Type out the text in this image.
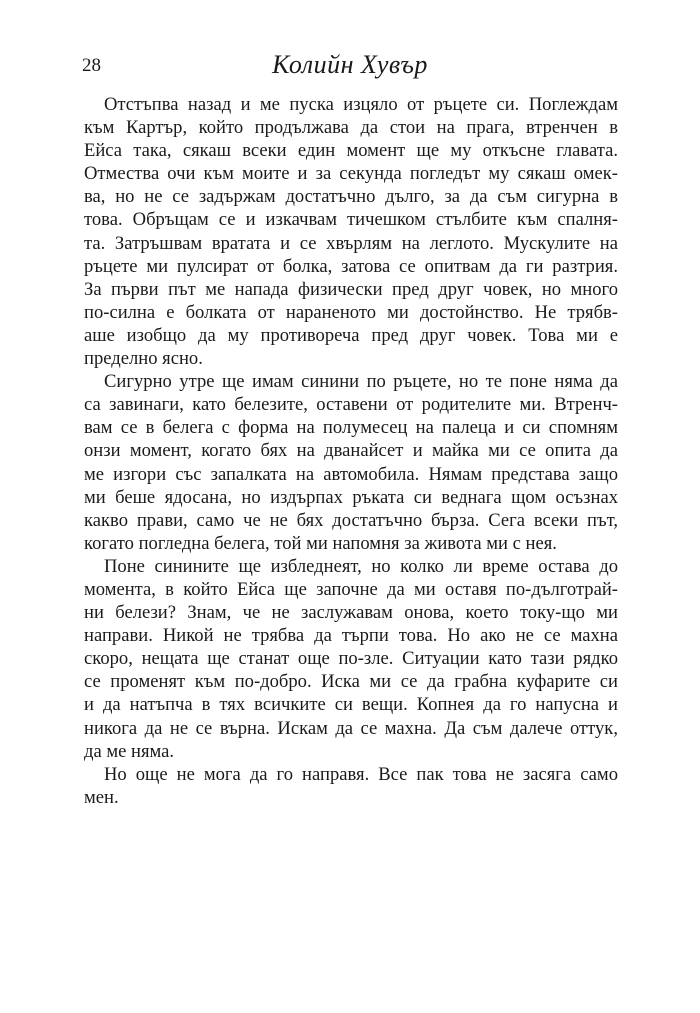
28	Колийн Хувър

Отстъпва назад и ме пуска изцяло от ръцете си. Поглеждам
към Картър, който продължава да стои на прага, втренчен в
Ейса така, сякаш всеки един момент ще му откъсне главата.
Отмества очи към моите и за секунда погледът му сякаш омек-
ва, но не се задържам достатъчно дълго, за да съм сигурна в
това. Обръщам се и изкачвам тичешком стълбите към спалня-
та. Затръшвам вратата и се хвърлям на леглото. Мускулите на
ръцете ми пулсират от болка, затова се опитвам да ги разтрия.
За първи път ме напада физически пред друг човек, но много
по-силна е болката от нараненото ми достойнство. Не трябв-
аше изобщо да му противореча пред друг човек. Това ми е
пределно ясно.

Сигурно утре ще имам синини по ръцете, но те поне няма да
са завинаги, като белезите, оставени от родителите ми. Втренч-
вам се в белега с форма на полумесец на палеца и си спомням
онзи момент, когато бях на дванайсет и майка ми се опита да
ме изгори със запалката на автомобила. Нямам представа защо
ми беше ядосана, но издърпах ръката си веднага щом осъзнах
какво прави, само че не бях достатъчно бърза. Сега всеки път,
когато погледна белега, той ми напомня за живота ми с нея.

Поне синините ще избледнеят, но колко ли време остава до
момента, в който Ейса ще започне да ми оставя по-дълготрай-
ни белези? Знам, че не заслужавам онова, което току-що ми
направи. Никой не трябва да търпи това. Но ако не се махна
скоро, нещата ще станат още по-зле. Ситуации като тази рядко
се променят към по-добро. Иска ми се да грабна куфарите си
и да натъпча в тях всичките си вещи. Копнея да го напусна и
никога да не се върна. Искам да се махна. Да съм далече оттук,
да ме няма.

Но още не мога да го направя. Все пак това не засяга само
мен.
